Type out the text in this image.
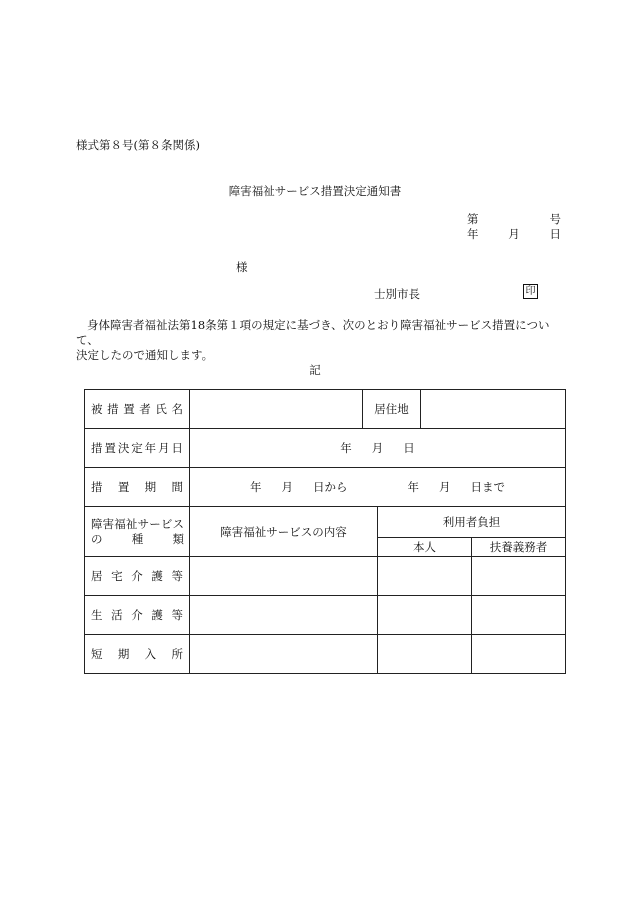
様式第８号(第８条関係)
障害福祉サービス措置決定通知書
第	号
年	月	日
様
士別市長	印
身体障害者福祉法第18条第１項の規定に基づき、次のとおり障害福祉サービス措置について、
決定したので通知します。
記
被措置者氏名		居住地		

措置決定年月日	年 月 日			
措置期間	年 月 日から 年 月 日まで			

障害福祉サービス
の 種 類	障害福祉サービスの内容		利用者負担	
			本人	扶養義務者
居宅介護等				
生活介護等				
短期入所				
